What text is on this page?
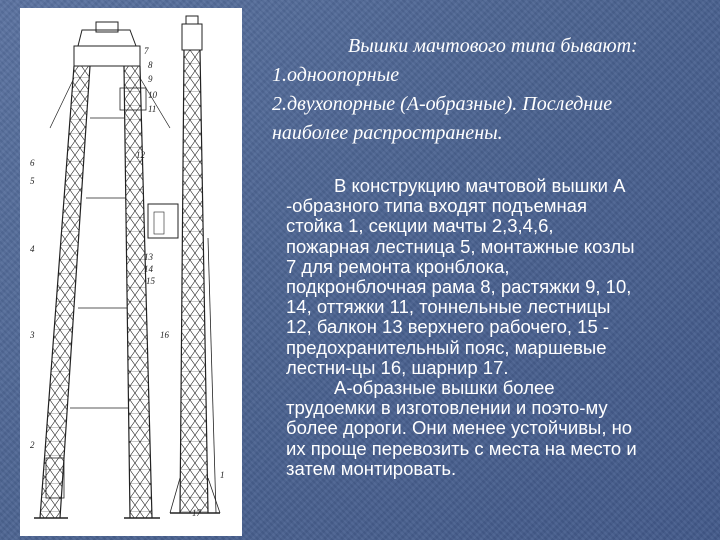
7
8
9
10
11
6
5
4
3
2
12
13
14
15
16
17
1
Вышки мачтового типа бывают:
1.одноопорные
2.двухопорные (А-образные). Последние
наиболее распространены.
В конструкцию мачтовой вышки А
-образного типа входят подъемная
стойка 1, секции мачты 2,3,4,6,
пожарная лестница 5, монтажные козлы
7 для ремонта кронблока,
подкронблочная рама 8, растяжки 9, 10,
14, оттяжки 11, тоннельные лестницы
12, балкон 13 верхнего рабочего, 15 -
предохранительный пояс, маршевые
лестни-цы 16, шарнир 17.
А-образные вышки более
трудоемки в изготовлении и поэто-му
более дороги. Они менее устойчивы, но
их проще перевозить с места на место и
затем монтировать.
